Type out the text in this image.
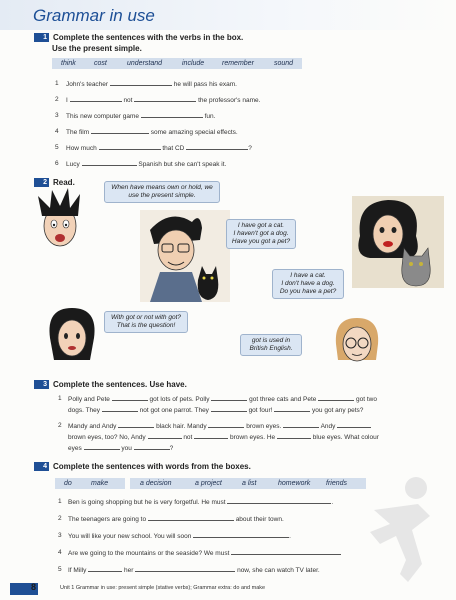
Grammar in use
1 Complete the sentences with the verbs in the box.
Use the present simple.
think	cost	understand	include	remember	sound
1 John's teacher	he will pass his exam.
2 I	not	the professor's name.
3 This new computer game	fun.
4 The film	some amazing special effects.
5 How much	that CD	?
6 Lucy	Spanish but she can't speak it.
2 Read.
When have means own or hold, we use the present simple.
I have got a cat.
I haven't got a dog.
Have you got a pet?
I have a cat.
I don't have a dog.
Do you have a pet?
With got or not with got? That is the question!
got is used in British English.
3 Complete the sentences. Use have.
1 Polly and Pete	got lots of pets. Polly	got three cats and Pete	got two
dogs. They	not got one parrot. They	got four!	you got any pets?
2 Mandy and Andy	black hair. Mandy	brown eyes.	Andy
brown eyes, too? No, Andy	not	brown eyes. He	blue eyes. What colour
eyes	you	?
4 Complete the sentences with words from the boxes.
do	make	a decision	a project	a list	homework friends
1 Ben is going shopping but he is very forgetful. He must	.
2 The teenagers are going to	about their town.
3 You will like your new school. You will soon	.
4 Are we going to the mountains or the seaside? We must
5 If Milly	her	now, she can watch TV later.
8	Unit 1 Grammar in use: present simple (stative verbs); Grammar extra: do and make
